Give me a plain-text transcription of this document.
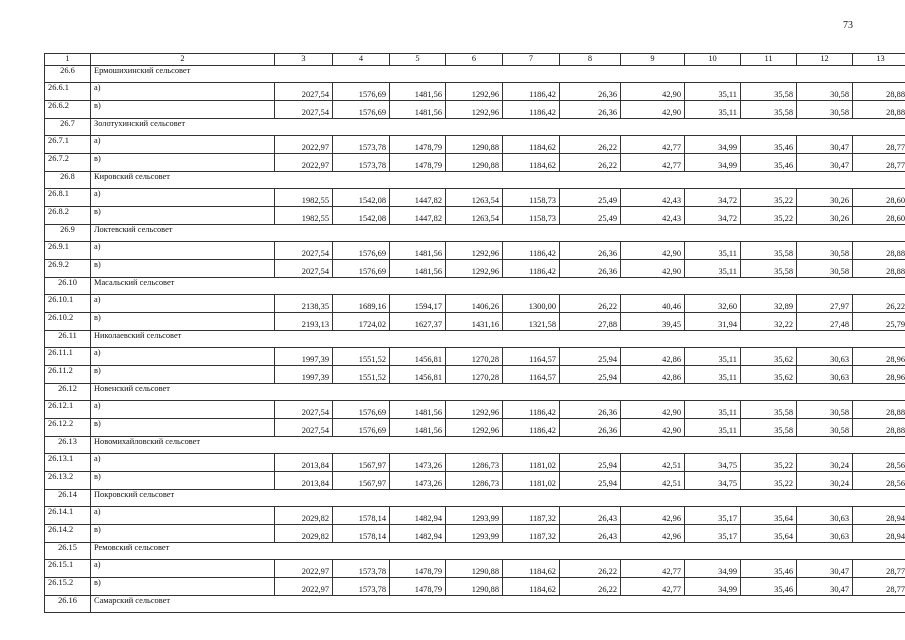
73
1	2	3	4	5	6	7	8	9	10	11	12	13
26.6	Ермошихинский сельсовет											
26.6.1	а)	2027,54	1576,69	1481,56	1292,96	1186,42	26,36	42,90	35,11	35,58	30,58	28,88
26.6.2	в)	2027,54	1576,69	1481,56	1292,96	1186,42	26,36	42,90	35,11	35,58	30,58	28,88
26.7	Золотухинский сельсовет											
26.7.1	а)	2022,97	1573,78	1478,79	1290,88	1184,62	26,22	42,77	34,99	35,46	30,47	28,77
26.7.2	в)	2022,97	1573,78	1478,79	1290,88	1184,62	26,22	42,77	34,99	35,46	30,47	28,77
26.8	Кировский сельсовет											
26.8.1	а)	1982,55	1542,08	1447,82	1263,54	1158,73	25,49	42,43	34,72	35,22	30,26	28,60
26.8.2	в)	1982,55	1542,08	1447,82	1263,54	1158,73	25,49	42,43	34,72	35,22	30,26	28,60
26.9	Локтевский сельсовет											
26.9.1	а)	2027,54	1576,69	1481,56	1292,96	1186,42	26,36	42,90	35,11	35,58	30,58	28,88
26.9.2	в)	2027,54	1576,69	1481,56	1292,96	1186,42	26,36	42,90	35,11	35,58	30,58	28,88
26.10	Масальский сельсовет											
26.10.1	а)	2138,35	1689,16	1594,17	1406,26	1300,00	26,22	40,46	32,60	32,89	27,97	26,22
26.10.2	в)	2193,13	1724,02	1627,37	1431,16	1321,58	27,88	39,45	31,94	32,22	27,48	25,79
26.11	Николаевский сельсовет											
26.11.1	а)	1997,39	1551,52	1456,81	1270,28	1164,57	25,94	42,86	35,11	35,62	30,63	28,96
26.11.2	в)	1997,39	1551,52	1456,81	1270,28	1164,57	25,94	42,86	35,11	35,62	30,63	28,96
26.12	Новенский сельсовет											
26.12.1	а)	2027,54	1576,69	1481,56	1292,96	1186,42	26,36	42,90	35,11	35,58	30,58	28,88
26.12.2	в)	2027,54	1576,69	1481,56	1292,96	1186,42	26,36	42,90	35,11	35,58	30,58	28,88
26.13	Новомихайловский сельсовет											
26.13.1	а)	2013,84	1567,97	1473,26	1286,73	1181,02	25,94	42,51	34,75	35,22	30,24	28,56
26.13.2	в)	2013,84	1567,97	1473,26	1286,73	1181,02	25,94	42,51	34,75	35,22	30,24	28,56
26.14	Покровский сельсовет											
26.14.1	а)	2029,82	1578,14	1482,94	1293,99	1187,32	26,43	42,96	35,17	35,64	30,63	28,94
26.14.2	в)	2029,82	1578,14	1482,94	1293,99	1187,32	26,43	42,96	35,17	35,64	30,63	28,94
26.15	Ремовский сельсовет											
26.15.1	а)	2022,97	1573,78	1478,79	1290,88	1184,62	26,22	42,77	34,99	35,46	30,47	28,77
26.15.2	в)	2022,97	1573,78	1478,79	1290,88	1184,62	26,22	42,77	34,99	35,46	30,47	28,77
26.16	Самарский сельсовет											
